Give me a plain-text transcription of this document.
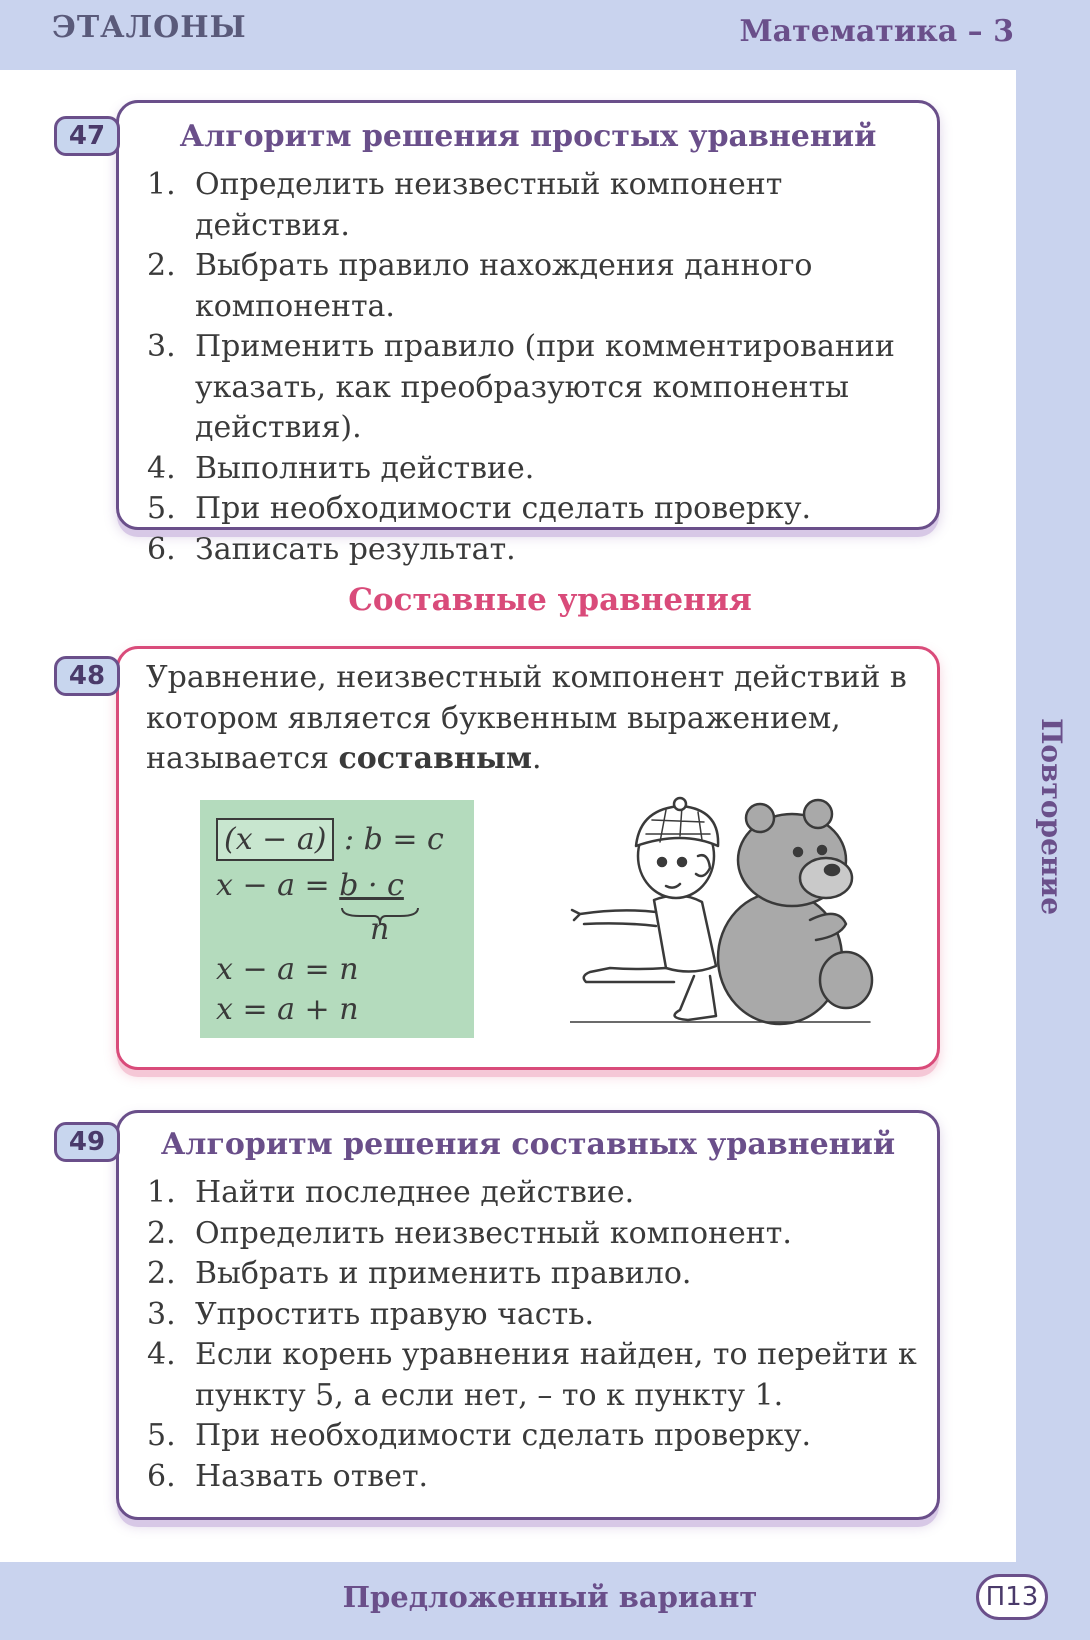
ЭТАЛОНЫ	Математика – 3
Повторение
Алгоритм решения простых уравнений
1. Определить неизвестный компонент действия.
2. Выбрать правило нахождения данного компонента.
3. Применить правило (при комментировании указать, как преобразуются компоненты действия).
4. Выполнить действие.
5. При необходимости сделать проверку.
6. Записать результат.
47
Составные уравнения
48	Уравнение, неизвестный компонент действий в котором является буквенным выражением, называется составным.
(x − a) : b = c
x − a = b · c
n
x − a = n
x = a + n
Алгоритм решения составных уравнений
1. Найти последнее действие.
2. Определить неизвестный компонент.
2. Выбрать и применить правило.
3. Упростить правую часть.
4. Если корень уравнения найден, то перейти к пункту 5, а если нет, – то к пункту 1.
5. При необходимости сделать проверку.
6. Назвать ответ.
49
Предложенный вариант	П13
